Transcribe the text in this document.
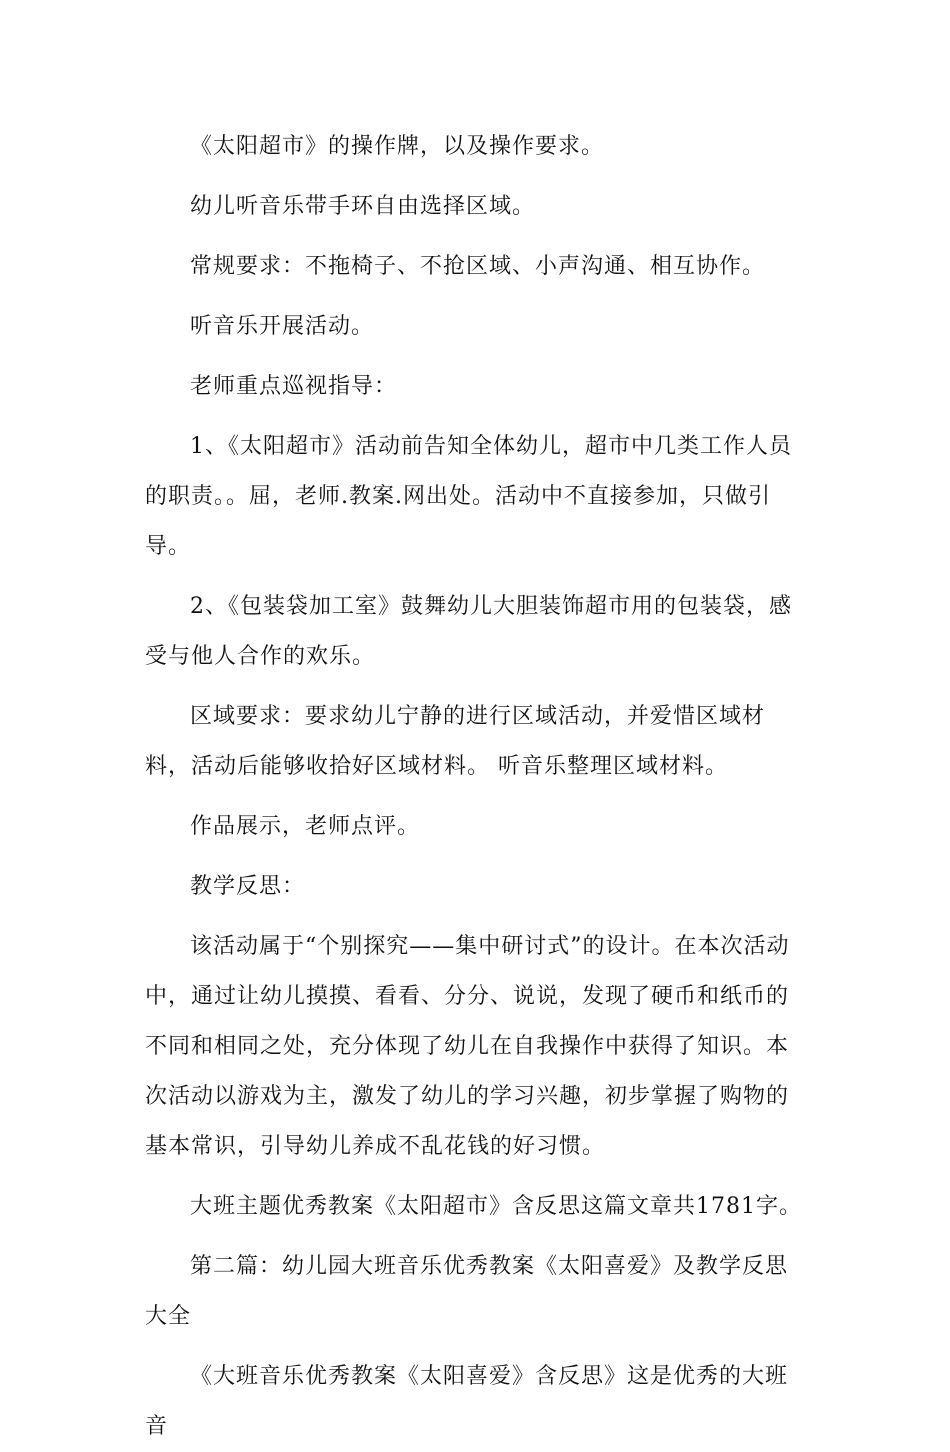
《太阳超市》的操作牌，以及操作要求。

幼儿听音乐带手环自由选择区域。

常规要求：不拖椅子、不抢区域、小声沟通、相互协作。

听音乐开展活动。

老师重点巡视指导：

1、《太阳超市》活动前告知全体幼儿，超市中几类工作人员的职责。。屈，老师.教案.网出处。活动中不直接参加，只做引导。

2、《包装袋加工室》鼓舞幼儿大胆装饰超市用的包装袋，感受与他人合作的欢乐。

区域要求：要求幼儿宁静的进行区域活动，并爱惜区域材料，活动后能够收拾好区域材料。 听音乐整理区域材料。

作品展示，老师点评。

教学反思：

该活动属于“个别探究——集中研讨式”的设计。在本次活动中，通过让幼儿摸摸、看看、分分、说说，发现了硬币和纸币的不同和相同之处，充分体现了幼儿在自我操作中获得了知识。本次活动以游戏为主，激发了幼儿的学习兴趣，初步掌握了购物的基本常识，引导幼儿养成不乱花钱的好习惯。

大班主题优秀教案《太阳超市》含反思这篇文章共1781字。

第二篇：幼儿园大班音乐优秀教案《太阳喜爱》及教学反思大全

《大班音乐优秀教案《太阳喜爱》含反思》这是优秀的大班音
